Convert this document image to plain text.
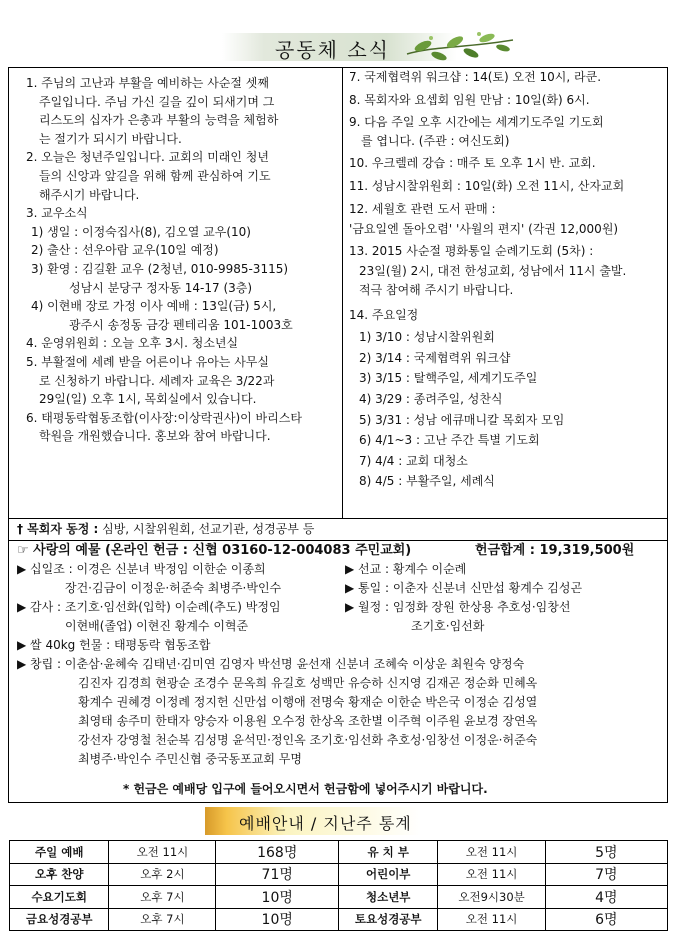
공동체 소식

1. 주님의 고난과 부활을 예비하는 사순절 셋째

주일입니다. 주님 가신 길을 깊이 되새기며 그

리스도의 십자가 은총과 부활의 능력을 체험하

는 절기가 되시기 바랍니다.

2. 오늘은 청년주일입니다. 교회의 미래인 청년

들의 신앙과 앞길을 위해 함께 관심하여 기도

해주시기 바랍니다.

3. 교우소식

1) 생일 : 이정숙집사(8), 김오열 교우(10)

2) 출산 : 선우아람 교우(10일 예정)

3) 환영 : 김길환 교우 (2청년, 010-9985-3115)

성남시 분당구 정자동 14-17 (3층)

4) 이현배 장로 가정 이사 예배 : 13일(금) 5시,

광주시 송정동 금강 펜테리움 101-1003호

4. 운영위원회 : 오늘 오후 3시. 청소년실

5. 부활절에 세례 받을 어른이나 유아는 사무실

로 신청하기 바랍니다. 세례자 교육은 3/22과

29일(일) 오후 1시, 목회실에서 있습니다.

6. 태평동락협동조합(이사장:이상락권사)이 바리스타

학원을 개원했습니다. 홍보와 참여 바랍니다.

7. 국제협력위 워크샵 : 14(토) 오전 10시, 라쿤.

8. 목회자와 요셉회 임원 만남 : 10일(화) 6시.

9. 다음 주일 오후 시간에는 세계기도주일 기도회

를 엽니다. (주관 : 여신도회)

10. 우크렐레 강습 : 매주 토 오후 1시 반. 교회.

11. 성남시찰위원회 : 10일(화) 오전 11시, 산자교회

12. 세월호 관련 도서 판매 :

'금요일엔 돌아오렴' '사월의 편지' (각권 12,000원)

13. 2015 사순절 평화통일 순례기도회 (5차) :

23일(월) 2시, 대전 한성교회, 성남에서 11시 출발.

적극 참여해 주시기 바랍니다.

14. 주요일정

1) 3/10 : 성남시찰위원회

2) 3/14 : 국제협력위 워크샵

3) 3/15 : 탈핵주일, 세계기도주일

4) 3/29 : 종려주일, 성찬식

5) 3/31 : 성남 에큐매니칼 목회자 모임

6) 4/1~3 : 고난 주간 특별 기도회

7) 4/4 : 교회 대청소

8) 4/5 : 부활주일, 세례식

† 목회자 동정 : 심방, 시찰위원회, 선교기관, 성경공부 등
☞ 사랑의 예물 (온라인 헌금 : 신협 03160-12-004083 주민교회)	헌금합계 : 19,319,500원
▶ 십일조 : 이경은 신분녀 박정임 이한순 이종희
장건·김금이 이정운·허준숙 최병주·박인수
▶ 선교 : 황계수 이순례
▶ 통일 : 이춘자 신분녀 신만섭 황계수 김성곤
▶ 감사 : 조기호·임선화(입학) 이순례(추도) 박정임
이현배(졸업) 이현진 황계수 이혁준
▶ 월정 : 임정화 장원 한상용 추호성·임창선
조기호·임선화
▶ 쌀 40kg 헌물 : 태평동락 협동조합
▶ 창립 : 이춘삼·윤혜숙 김태년·김미연 김영자 박선명 윤선재 신분녀 조혜숙 이상운 최원숙 양정숙
김진자 김경희 현광순 조경수 문옥희 유길호 성백만 유승하 신지영 김재곤 정순화 민혜옥
황계수 권혜경 이정례 정지헌 신만섭 이행애 전명숙 황재순 이한순 박은국 이정순 김성열
최영태 송주미 한태자 양승자 이용원 오수정 한상옥 조한별 이주혁 이주원 윤보경 장연옥
강선자 강영철 천순복 김성명 윤석민·정인옥 조기호·임선화 추호성·임창선 이정운·허준숙
최병주·박인수 주민신협 중국동포교회 무명
* 헌금은 예배당 입구에 들어오시면서 헌금함에 넣어주시기 바랍니다.
예배안내 / 지난주 통계
주일 예배	오전 11시	168명	유 치 부	오전 11시	5명
오후 찬양	오후 2시	71명	어린이부	오전 11시	7명
수요기도회	오후 7시	10명	청소년부	오전9시30분	4명
금요성경공부	오후 7시	10명	토요성경공부	오전 11시	6명
